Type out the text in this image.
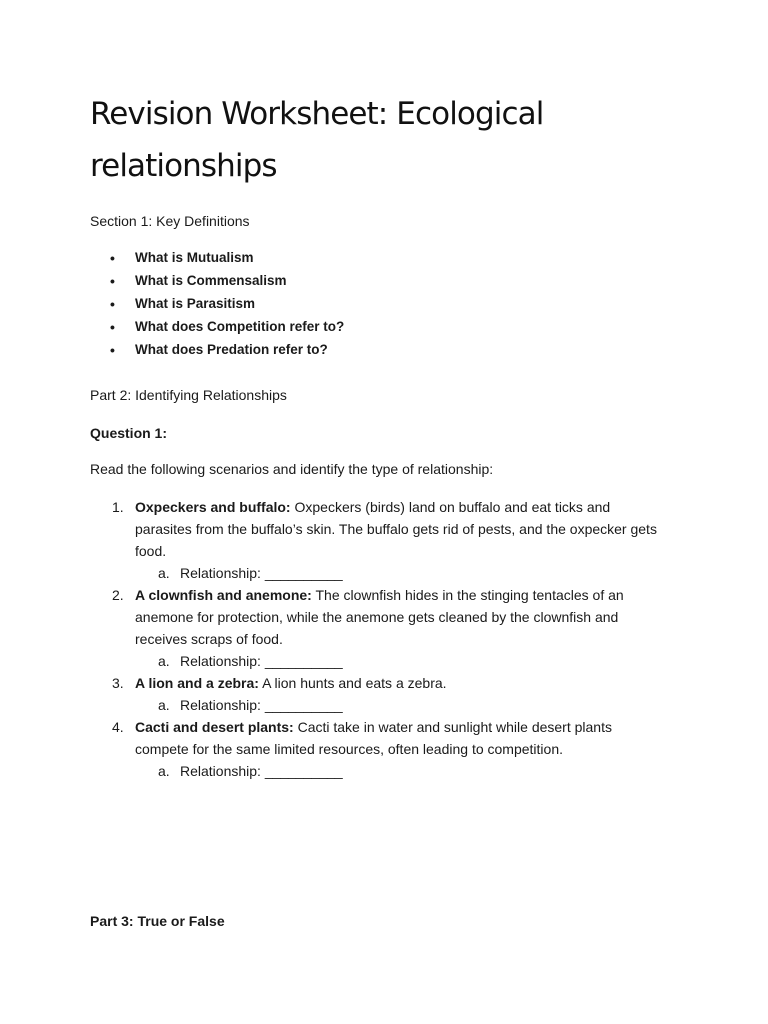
Revision Worksheet: Ecological relationships

Section 1: Key Definitions

• What is Mutualism
• What is Commensalism
• What is Parasitism
• What does Competition refer to?
• What does Predation refer to?

Part 2: Identifying Relationships

Question 1:

Read the following scenarios and identify the type of relationship:

1. Oxpeckers and buffalo: Oxpeckers (birds) land on buffalo and eat ticks and parasites from the buffalo’s skin. The buffalo gets rid of pests, and the oxpecker gets food.
a. Relationship: __________
2. A clownfish and anemone: The clownfish hides in the stinging tentacles of an anemone for protection, while the anemone gets cleaned by the clownfish and receives scraps of food.
a. Relationship: __________
3. A lion and a zebra: A lion hunts and eats a zebra.
a. Relationship: __________
4. Cacti and desert plants: Cacti take in water and sunlight while desert plants compete for the same limited resources, often leading to competition.
a. Relationship: __________

Part 3: True or False
